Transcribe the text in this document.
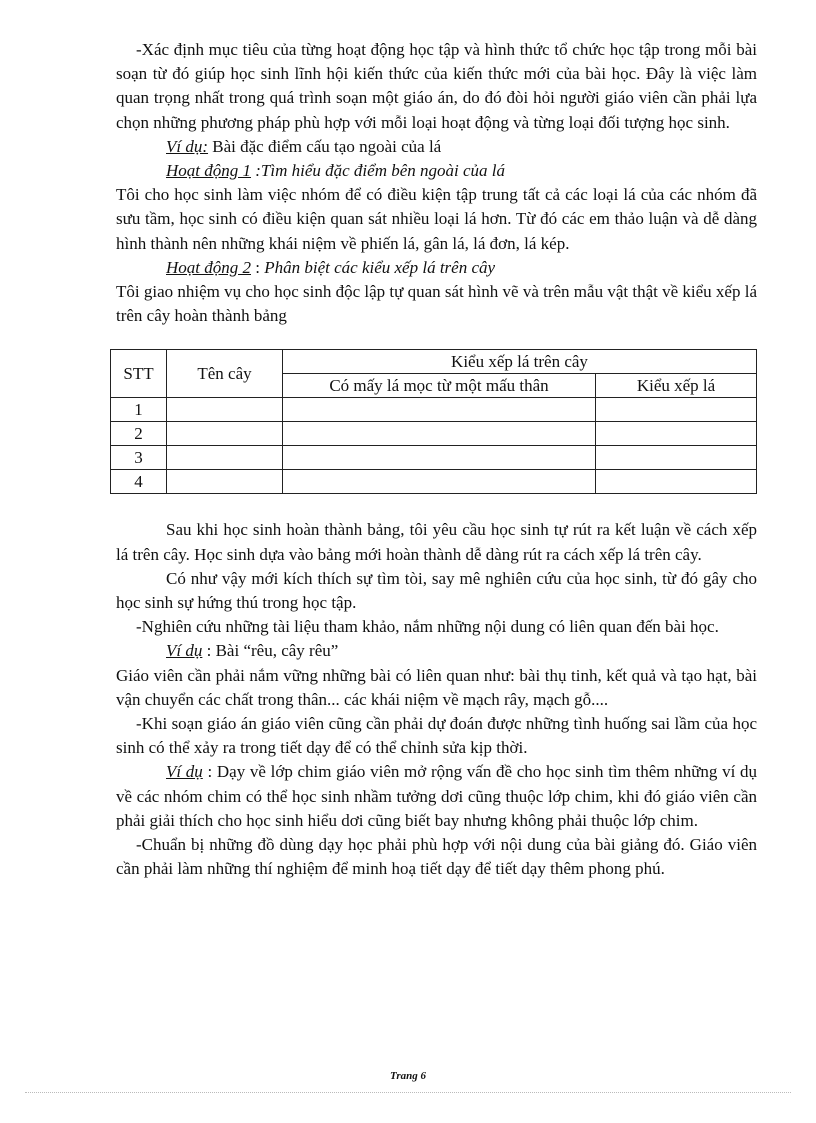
-Xác định mục tiêu của từng hoạt động học tập và hình thức tổ chức học tập trong mỗi bài soạn từ đó giúp học sinh lĩnh hội kiến thức của kiến thức mới của bài học. Đây là việc làm quan trọng nhất trong quá trình soạn một giáo án, do đó đòi hỏi người giáo viên cần phải lựa chọn những phương pháp phù hợp với mỗi loại hoạt động và từng loại đối tượng học sinh.

Ví dụ: Bài đặc điểm cấu tạo ngoài của lá

Hoạt động 1 :Tìm hiểu đặc điểm bên ngoài của lá

Tôi cho học sinh làm việc nhóm để có điều kiện tập trung tất cả các loại lá của các nhóm đã sưu tầm, học sinh có điều kiện quan sát nhiều loại lá hơn. Từ đó các em thảo luận và dễ dàng hình thành nên những khái niệm về phiến lá, gân lá, lá đơn, lá kép.

Hoạt động 2 : Phân biệt các kiểu xếp lá trên cây

Tôi giao nhiệm vụ cho học sinh độc lập tự quan sát hình vẽ và trên mẫu vật thật về kiểu xếp lá trên cây hoàn thành bảng

STT	Tên cây	Kiểu xếp lá trên cây	
		Có mấy lá mọc từ một mấu thân	Kiểu xếp lá
1			
2			
3			
4			

Sau khi học sinh hoàn thành bảng, tôi yêu cầu học sinh tự rút ra kết luận về cách xếp lá trên cây. Học sinh dựa vào bảng mới hoàn thành dễ dàng rút ra cách xếp lá trên cây.

Có như vậy mới kích thích sự tìm tòi, say mê nghiên cứu của học sinh, từ đó gây cho học sinh sự hứng thú trong học tập.

-Nghiên cứu những tài liệu tham khảo, nắm những nội dung có liên quan đến bài học.

Ví dụ : Bài “rêu, cây rêu”

Giáo viên cần phải nắm vững những bài có liên quan như: bài thụ tinh, kết quả và tạo hạt, bài vận chuyển các chất trong thân... các khái niệm về mạch rây, mạch gỗ....

-Khi soạn giáo án giáo viên cũng cần phải dự đoán được những tình huống sai lầm của học sinh có thể xảy ra trong tiết dạy để có thể chỉnh sửa kịp thời.

Ví dụ : Dạy về lớp chim giáo viên mở rộng vấn đề cho học sinh tìm thêm những ví dụ về các nhóm chim có thể học sinh nhầm tưởng dơi cũng thuộc lớp chim, khi đó giáo viên cần phải giải thích cho học sinh hiểu dơi cũng biết bay nhưng không phải thuộc lớp chim.

-Chuẩn bị những đồ dùng dạy học phải phù hợp với nội dung của bài giảng đó. Giáo viên cần phải làm những thí nghiệm để minh hoạ tiết dạy để tiết dạy thêm phong phú.

Trang 6
